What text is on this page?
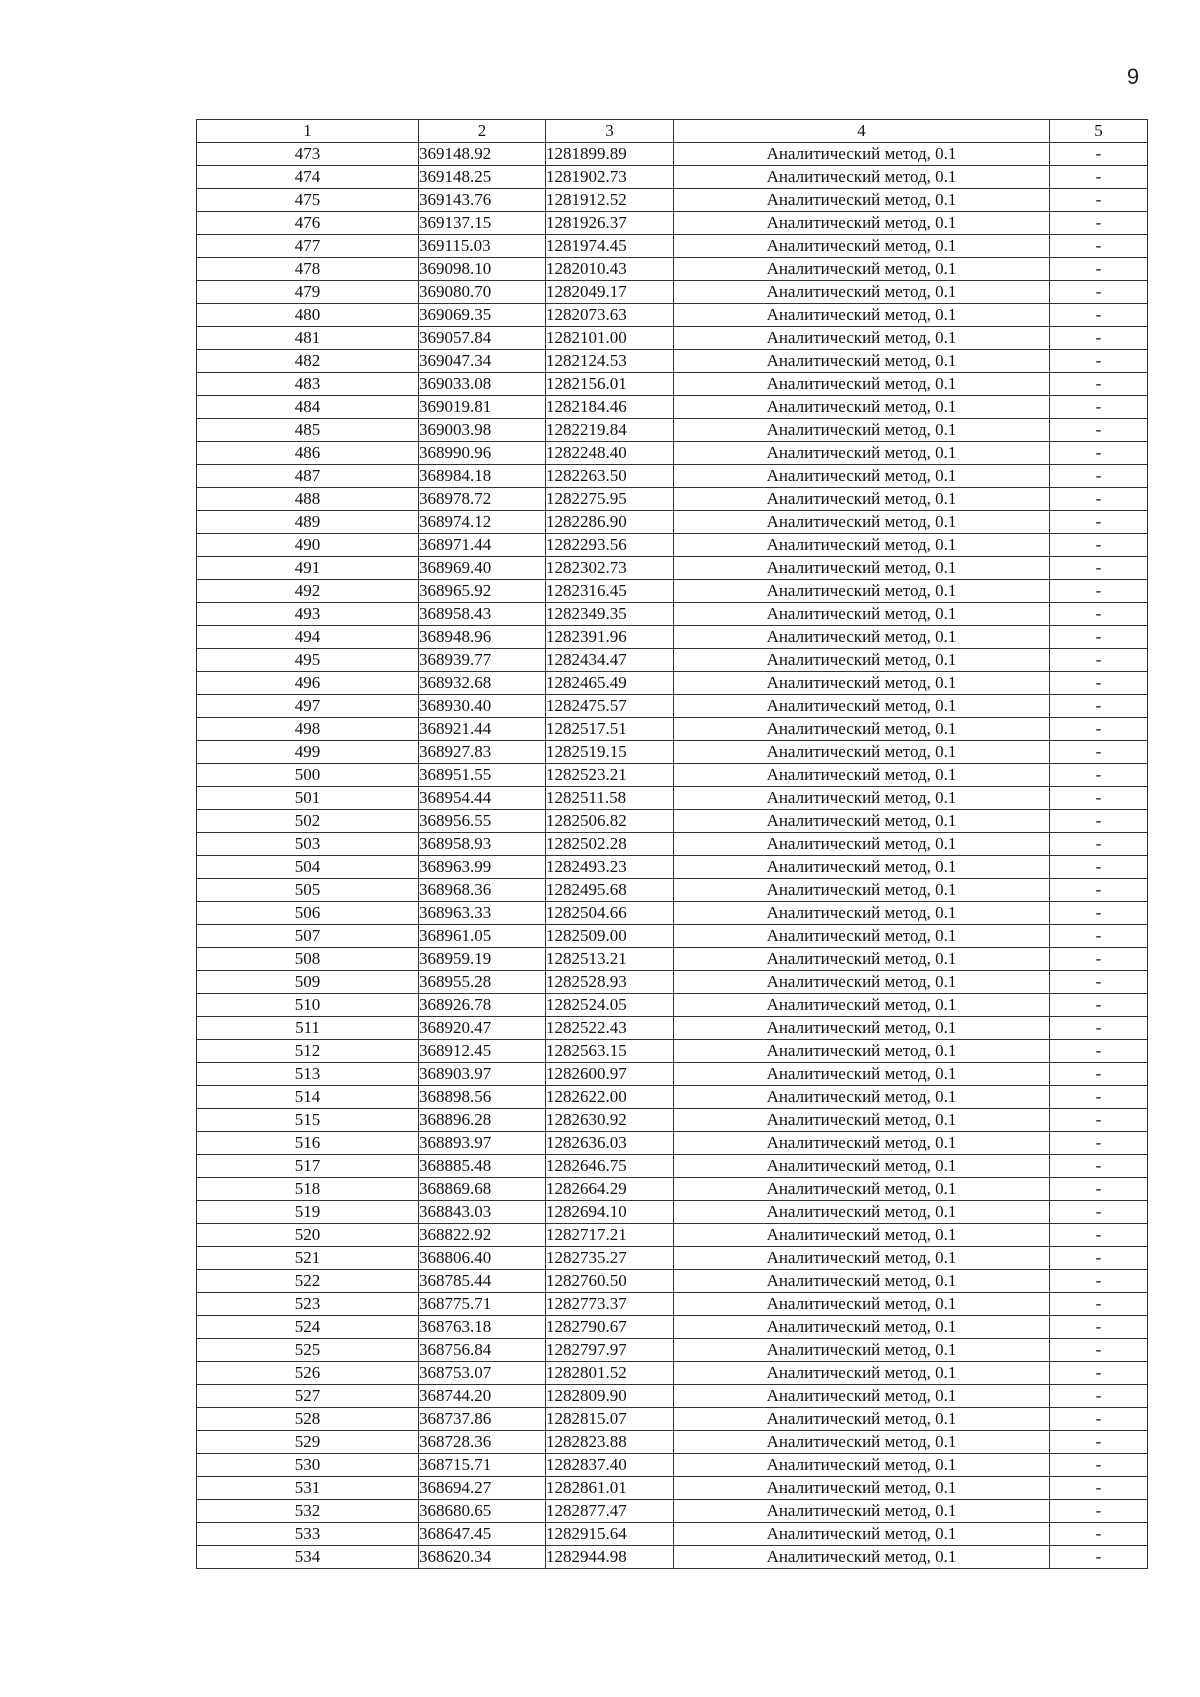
9
1	2	3	4	5
473	369148.92	1281899.89	Аналитический метод, 0.1	-
474	369148.25	1281902.73	Аналитический метод, 0.1	-
475	369143.76	1281912.52	Аналитический метод, 0.1	-
476	369137.15	1281926.37	Аналитический метод, 0.1	-
477	369115.03	1281974.45	Аналитический метод, 0.1	-
478	369098.10	1282010.43	Аналитический метод, 0.1	-
479	369080.70	1282049.17	Аналитический метод, 0.1	-
480	369069.35	1282073.63	Аналитический метод, 0.1	-
481	369057.84	1282101.00	Аналитический метод, 0.1	-
482	369047.34	1282124.53	Аналитический метод, 0.1	-
483	369033.08	1282156.01	Аналитический метод, 0.1	-
484	369019.81	1282184.46	Аналитический метод, 0.1	-
485	369003.98	1282219.84	Аналитический метод, 0.1	-
486	368990.96	1282248.40	Аналитический метод, 0.1	-
487	368984.18	1282263.50	Аналитический метод, 0.1	-
488	368978.72	1282275.95	Аналитический метод, 0.1	-
489	368974.12	1282286.90	Аналитический метод, 0.1	-
490	368971.44	1282293.56	Аналитический метод, 0.1	-
491	368969.40	1282302.73	Аналитический метод, 0.1	-
492	368965.92	1282316.45	Аналитический метод, 0.1	-
493	368958.43	1282349.35	Аналитический метод, 0.1	-
494	368948.96	1282391.96	Аналитический метод, 0.1	-
495	368939.77	1282434.47	Аналитический метод, 0.1	-
496	368932.68	1282465.49	Аналитический метод, 0.1	-
497	368930.40	1282475.57	Аналитический метод, 0.1	-
498	368921.44	1282517.51	Аналитический метод, 0.1	-
499	368927.83	1282519.15	Аналитический метод, 0.1	-
500	368951.55	1282523.21	Аналитический метод, 0.1	-
501	368954.44	1282511.58	Аналитический метод, 0.1	-
502	368956.55	1282506.82	Аналитический метод, 0.1	-
503	368958.93	1282502.28	Аналитический метод, 0.1	-
504	368963.99	1282493.23	Аналитический метод, 0.1	-
505	368968.36	1282495.68	Аналитический метод, 0.1	-
506	368963.33	1282504.66	Аналитический метод, 0.1	-
507	368961.05	1282509.00	Аналитический метод, 0.1	-
508	368959.19	1282513.21	Аналитический метод, 0.1	-
509	368955.28	1282528.93	Аналитический метод, 0.1	-
510	368926.78	1282524.05	Аналитический метод, 0.1	-
511	368920.47	1282522.43	Аналитический метод, 0.1	-
512	368912.45	1282563.15	Аналитический метод, 0.1	-
513	368903.97	1282600.97	Аналитический метод, 0.1	-
514	368898.56	1282622.00	Аналитический метод, 0.1	-
515	368896.28	1282630.92	Аналитический метод, 0.1	-
516	368893.97	1282636.03	Аналитический метод, 0.1	-
517	368885.48	1282646.75	Аналитический метод, 0.1	-
518	368869.68	1282664.29	Аналитический метод, 0.1	-
519	368843.03	1282694.10	Аналитический метод, 0.1	-
520	368822.92	1282717.21	Аналитический метод, 0.1	-
521	368806.40	1282735.27	Аналитический метод, 0.1	-
522	368785.44	1282760.50	Аналитический метод, 0.1	-
523	368775.71	1282773.37	Аналитический метод, 0.1	-
524	368763.18	1282790.67	Аналитический метод, 0.1	-
525	368756.84	1282797.97	Аналитический метод, 0.1	-
526	368753.07	1282801.52	Аналитический метод, 0.1	-
527	368744.20	1282809.90	Аналитический метод, 0.1	-
528	368737.86	1282815.07	Аналитический метод, 0.1	-
529	368728.36	1282823.88	Аналитический метод, 0.1	-
530	368715.71	1282837.40	Аналитический метод, 0.1	-
531	368694.27	1282861.01	Аналитический метод, 0.1	-
532	368680.65	1282877.47	Аналитический метод, 0.1	-
533	368647.45	1282915.64	Аналитический метод, 0.1	-
534	368620.34	1282944.98	Аналитический метод, 0.1	-
